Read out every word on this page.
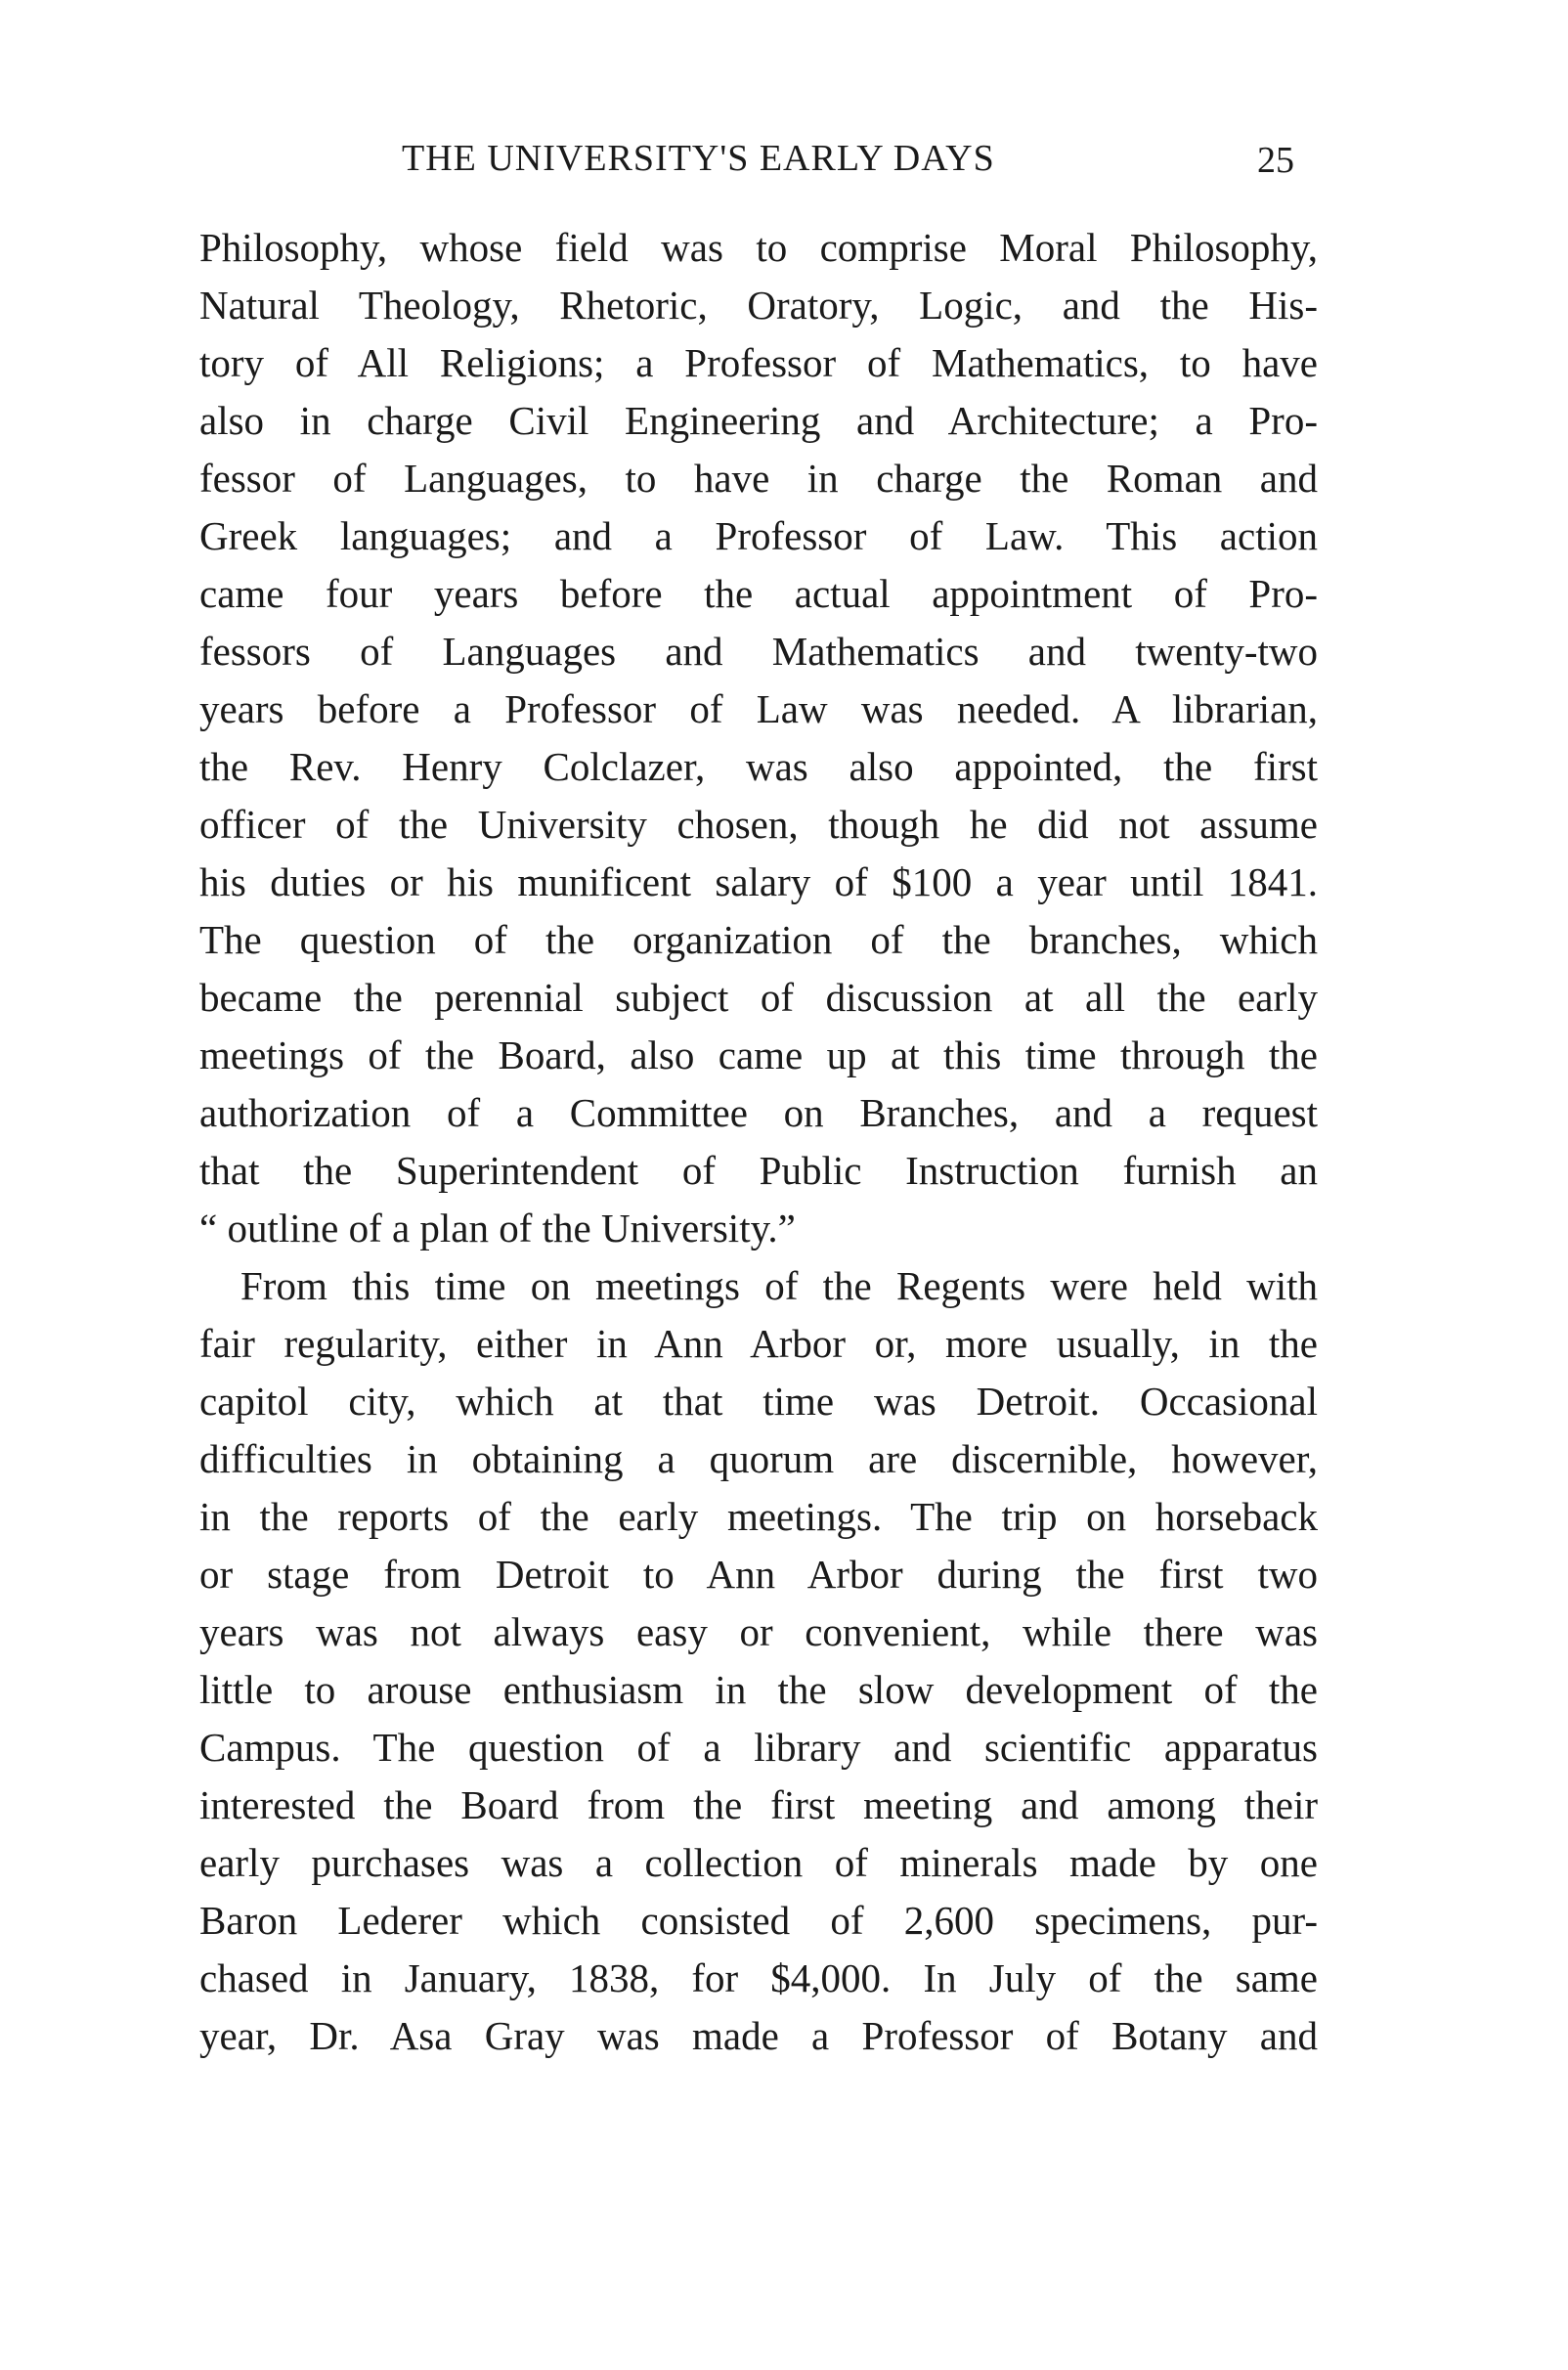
THE UNIVERSITY'S EARLY DAYS	25
Philosophy, whose field was to comprise Moral Philosophy,
Natural Theology, Rhetoric, Oratory, Logic, and the His-
tory of All Religions; a Professor of Mathematics, to have
also in charge Civil Engineering and Architecture; a Pro-
fessor of Languages, to have in charge the Roman and
Greek languages; and a Professor of Law. This action
came four years before the actual appointment of Pro-
fessors of Languages and Mathematics and twenty-two
years before a Professor of Law was needed. A librarian,
the Rev. Henry Colclazer, was also appointed, the first
officer of the University chosen, though he did not assume
his duties or his munificent salary of $100 a year until 1841.
The question of the organization of the branches, which
became the perennial subject of discussion at all the early
meetings of the Board, also came up at this time through the
authorization of a Committee on Branches, and a request
that the Superintendent of Public Instruction furnish an
“ outline of a plan of the University.”
From this time on meetings of the Regents were held with
fair regularity, either in Ann Arbor or, more usually, in the
capitol city, which at that time was Detroit. Occasional
difficulties in obtaining a quorum are discernible, however,
in the reports of the early meetings. The trip on horseback
or stage from Detroit to Ann Arbor during the first two
years was not always easy or convenient, while there was
little to arouse enthusiasm in the slow development of the
Campus. The question of a library and scientific apparatus
interested the Board from the first meeting and among their
early purchases was a collection of minerals made by one
Baron Lederer which consisted of 2,600 specimens, pur-
chased in January, 1838, for $4,000. In July of the same
year, Dr. Asa Gray was made a Professor of Botany and
